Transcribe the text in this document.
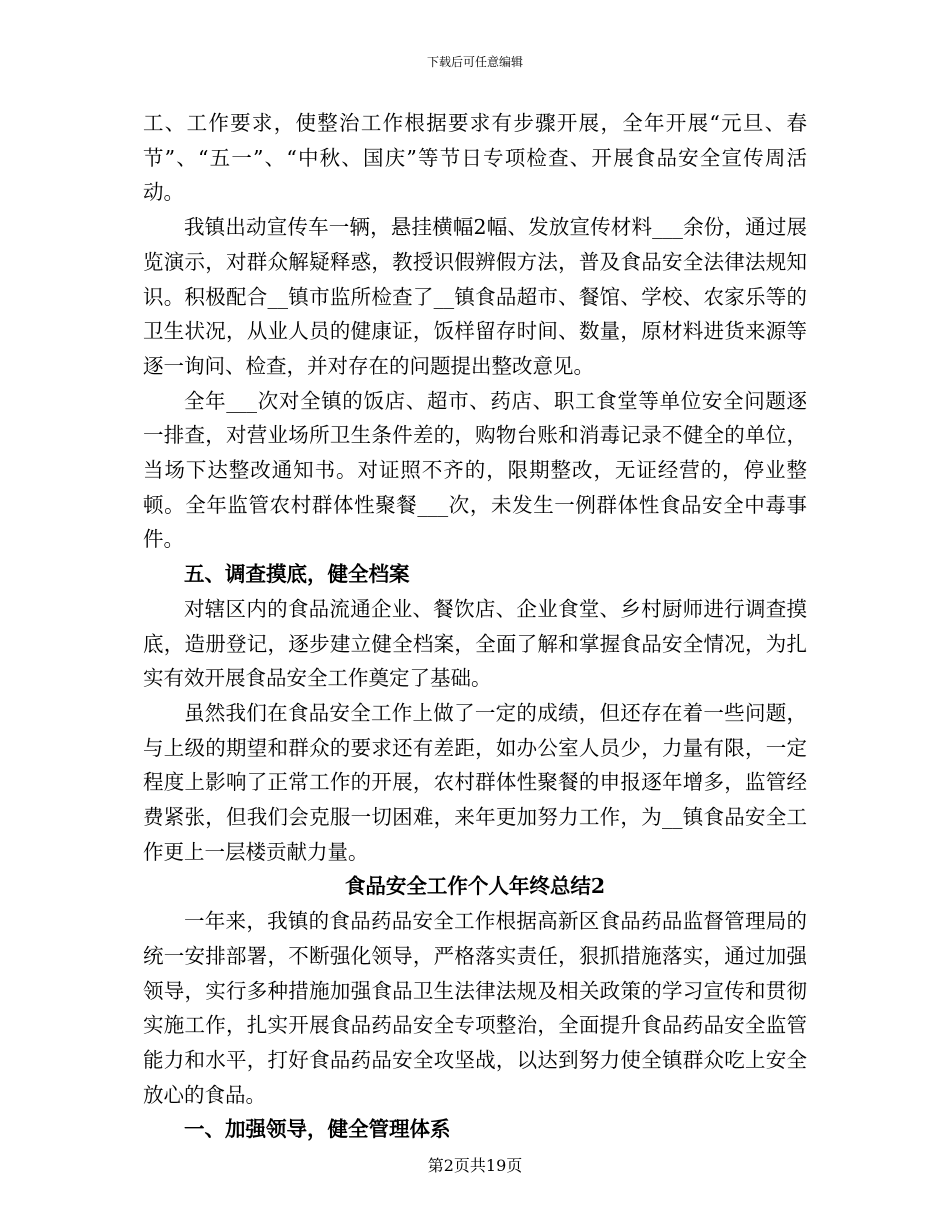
下载后可任意编辑

工、工作要求，使整治工作根据要求有步骤开展，全年开展“元旦、春节”、“五一”、“中秋、国庆”等节日专项检查、开展食品安全宣传周活动。

我镇出动宣传车一辆，悬挂横幅2幅、发放宣传材料___余份，通过展览演示，对群众解疑释惑，教授识假辨假方法，普及食品安全法律法规知识。积极配合__镇市监所检查了__镇食品超市、餐馆、学校、农家乐等的卫生状况，从业人员的健康证，饭样留存时间、数量，原材料进货来源等逐一询问、检查，并对存在的问题提出整改意见。

全年___次对全镇的饭店、超市、药店、职工食堂等单位安全问题逐一排查，对营业场所卫生条件差的，购物台账和消毒记录不健全的单位，当场下达整改通知书。对证照不齐的，限期整改，无证经营的，停业整顿。全年监管农村群体性聚餐___次，未发生一例群体性食品安全中毒事件。

五、调查摸底，健全档案

对辖区内的食品流通企业、餐饮店、企业食堂、乡村厨师进行调查摸底，造册登记，逐步建立健全档案，全面了解和掌握食品安全情况，为扎实有效开展食品安全工作奠定了基础。

虽然我们在食品安全工作上做了一定的成绩，但还存在着一些问题，与上级的期望和群众的要求还有差距，如办公室人员少，力量有限，一定程度上影响了正常工作的开展，农村群体性聚餐的申报逐年增多，监管经费紧张，但我们会克服一切困难，来年更加努力工作，为__镇食品安全工作更上一层楼贡献力量。

食品安全工作个人年终总结2

一年来，我镇的食品药品安全工作根据高新区食品药品监督管理局的统一安排部署，不断强化领导，严格落实责任，狠抓措施落实，通过加强领导，实行多种措施加强食品卫生法律法规及相关政策的学习宣传和贯彻实施工作，扎实开展食品药品安全专项整治，全面提升食品药品安全监管能力和水平，打好食品药品安全攻坚战，以达到努力使全镇群众吃上安全放心的食品。

一、加强领导，健全管理体系

第2页共19页
